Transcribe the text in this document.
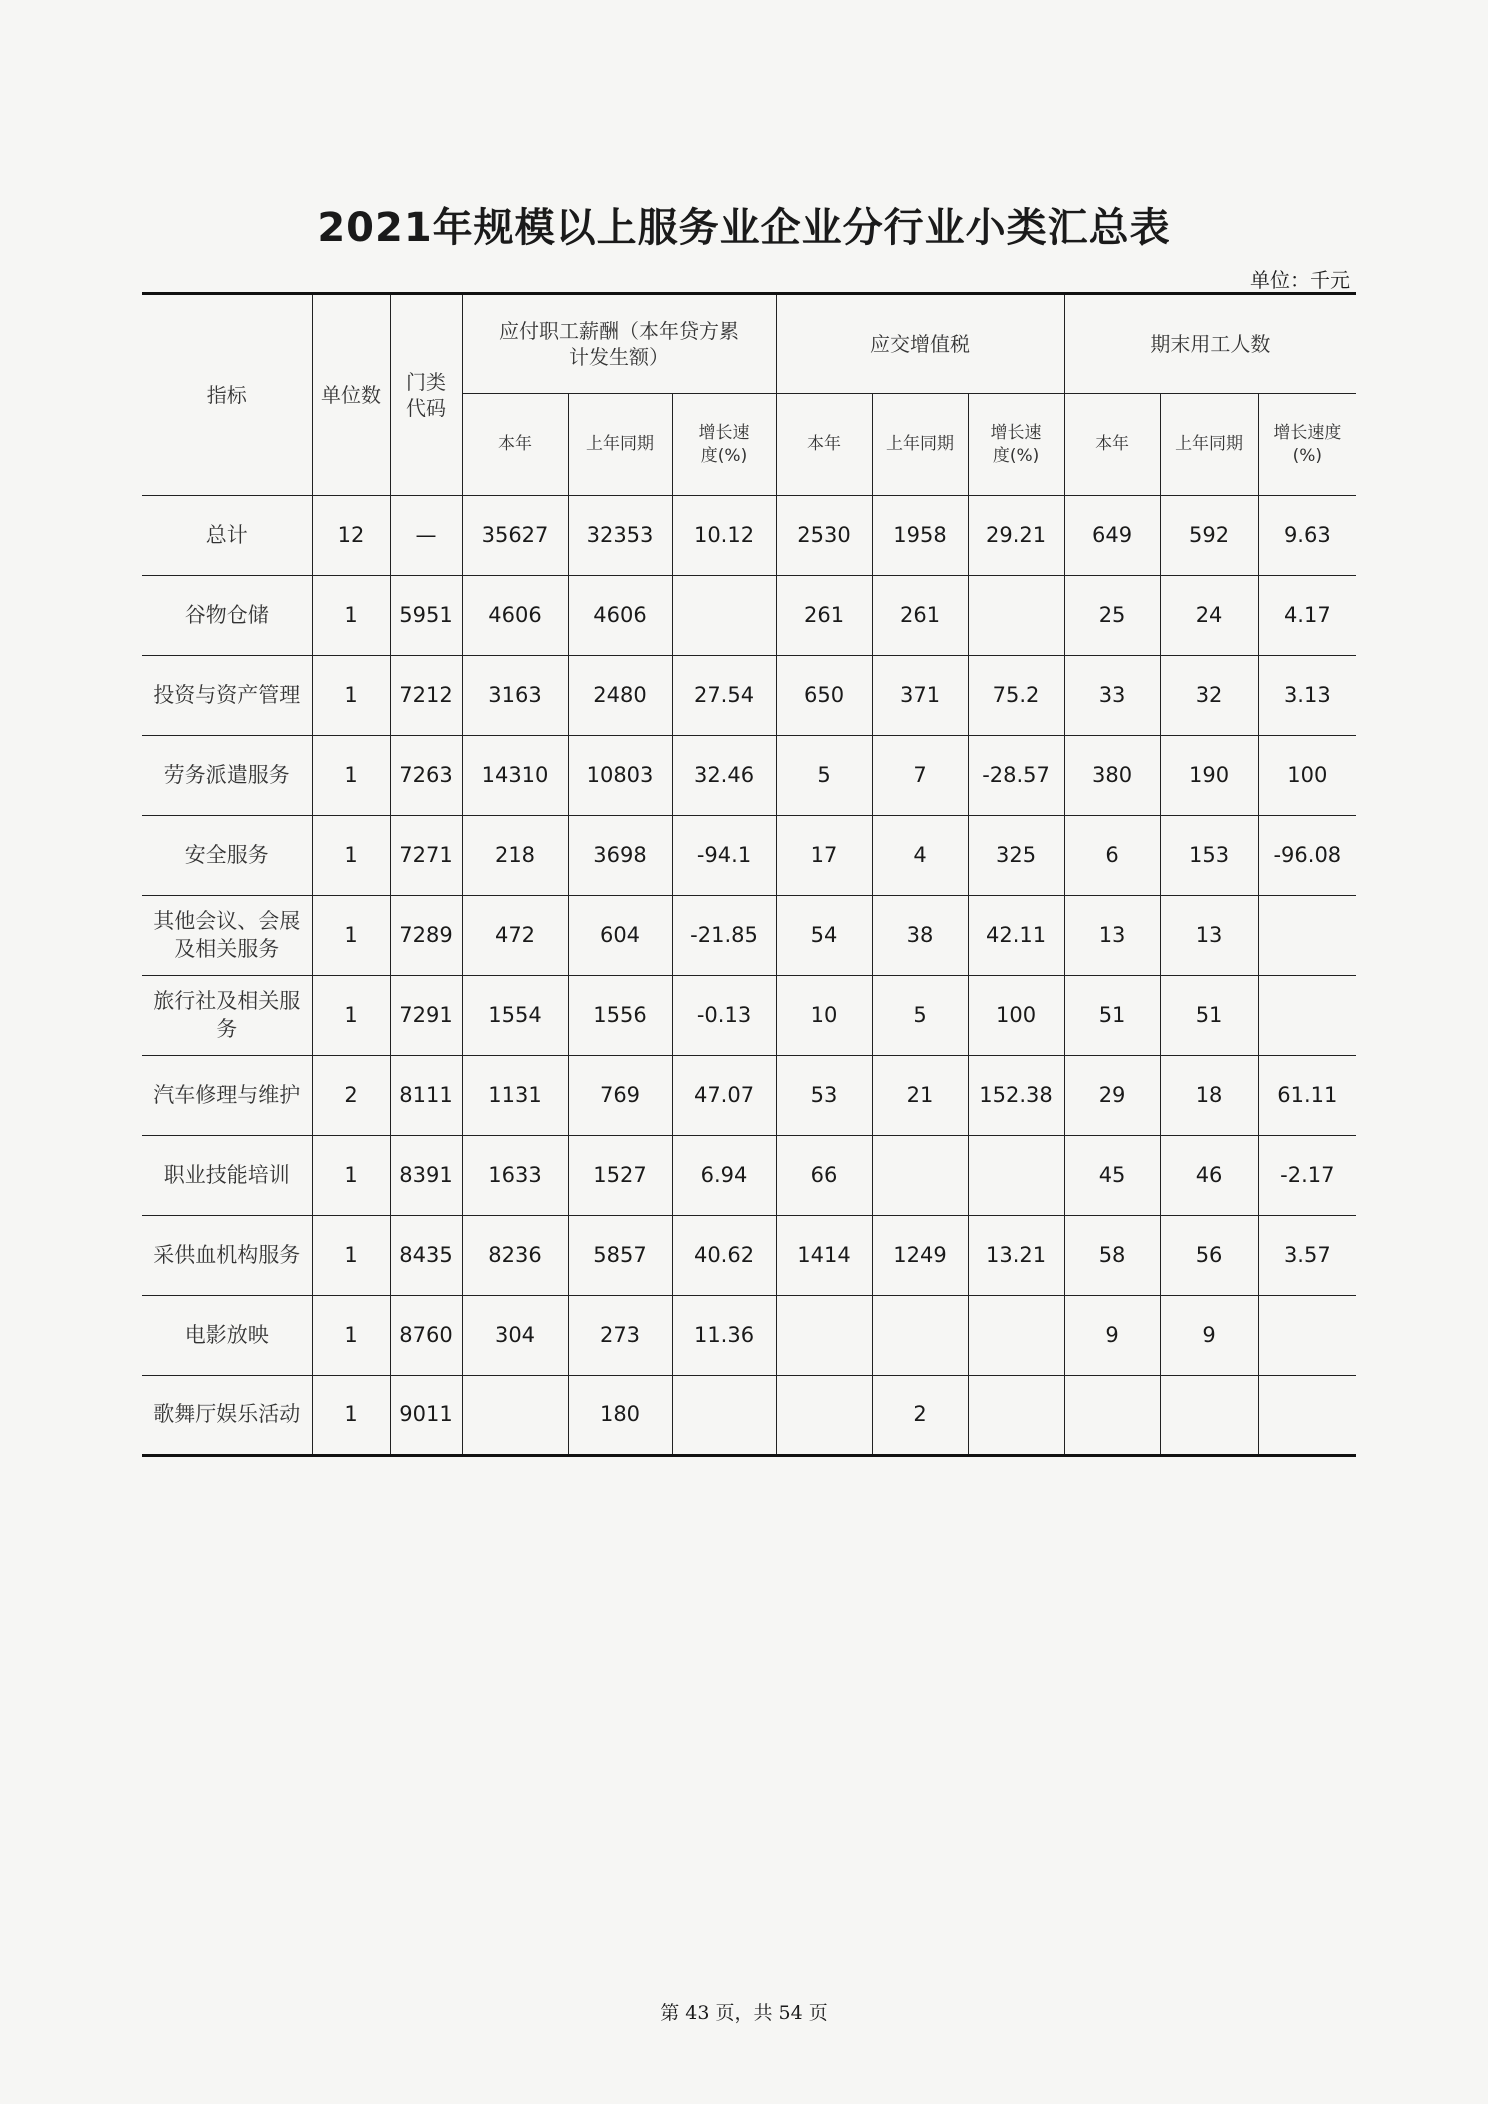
2021年规模以上服务业企业分行业小类汇总表
单位：千元
指标	单位数	门类代码	应付职工薪酬（本年贷方累计发生额）			应交增值税			期末用工人数		
			本年	上年同期	增长速度(%)	本年	上年同期	增长速度(%)	本年	上年同期	增长速度(%)
总计	12	—	35627	32353	10.12	2530	1958	29.21	649	592	9.63
谷物仓储	1	5951	4606	4606		261	261		25	24	4.17
投资与资产管理	1	7212	3163	2480	27.54	650	371	75.2	33	32	3.13
劳务派遣服务	1	7263	14310	10803	32.46	5	7	-28.57	380	190	100
安全服务	1	7271	218	3698	-94.1	17	4	325	6	153	-96.08
其他会议、会展及相关服务	1	7289	472	604	-21.85	54	38	42.11	13	13	
旅行社及相关服务	1	7291	1554	1556	-0.13	10	5	100	51	51	
汽车修理与维护	2	8111	1131	769	47.07	53	21	152.38	29	18	61.11
职业技能培训	1	8391	1633	1527	6.94	66			45	46	-2.17
采供血机构服务	1	8435	8236	5857	40.62	1414	1249	13.21	58	56	3.57
电影放映	1	8760	304	273	11.36				9	9	
歌舞厅娱乐活动	1	9011		180			2				
第 43 页，共 54 页
